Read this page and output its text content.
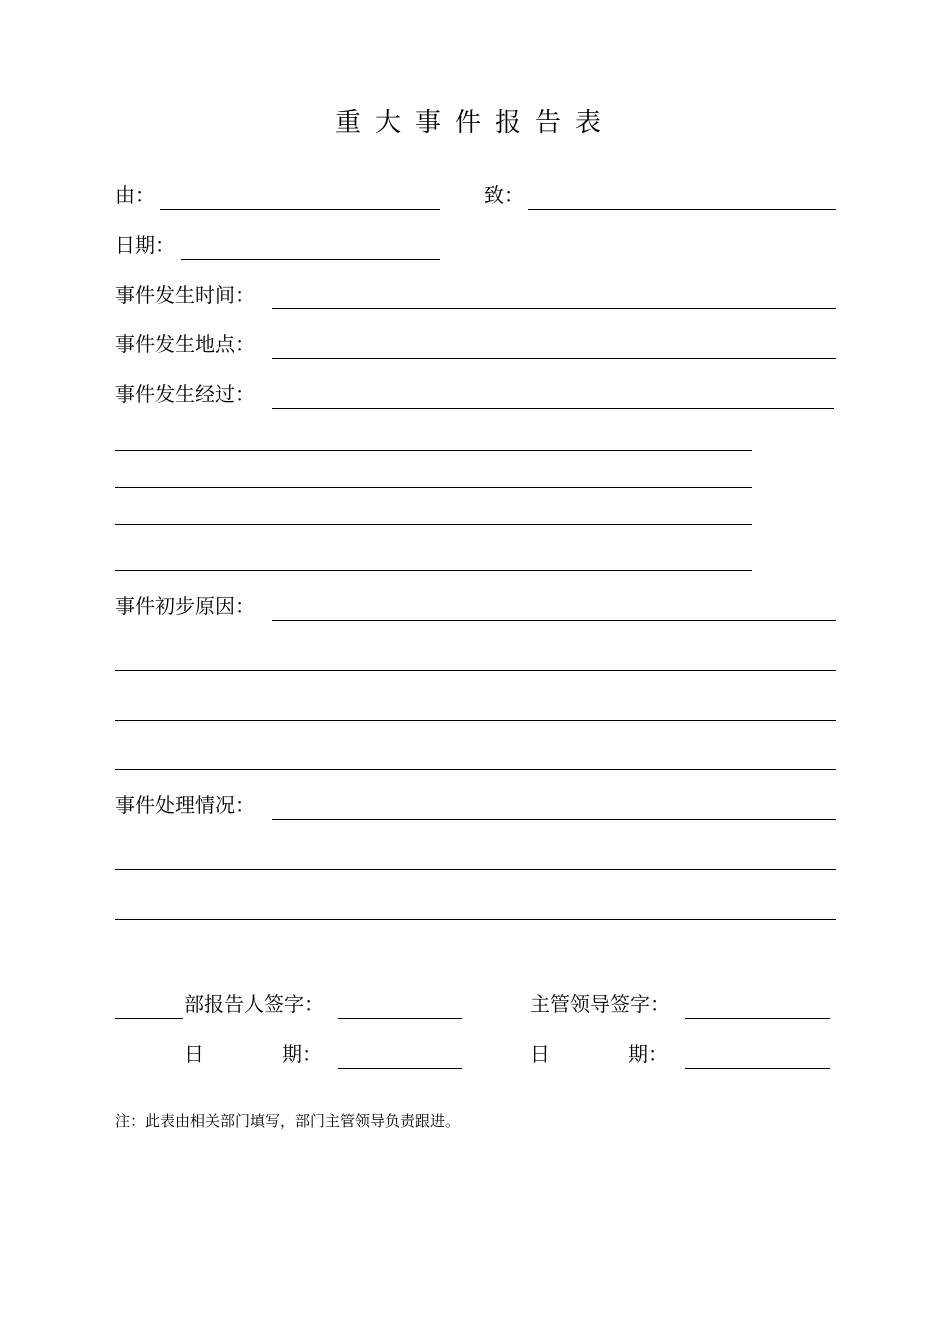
重大事件报告表
由：	致：
日期：
事件发生时间：
事件发生地点：
事件发生经过：
事件初步原因：
事件处理情况：
部报告人签字：	主管领导签字：
日	期：	日	期：
注：此表由相关部门填写，部门主管领导负责跟进。
